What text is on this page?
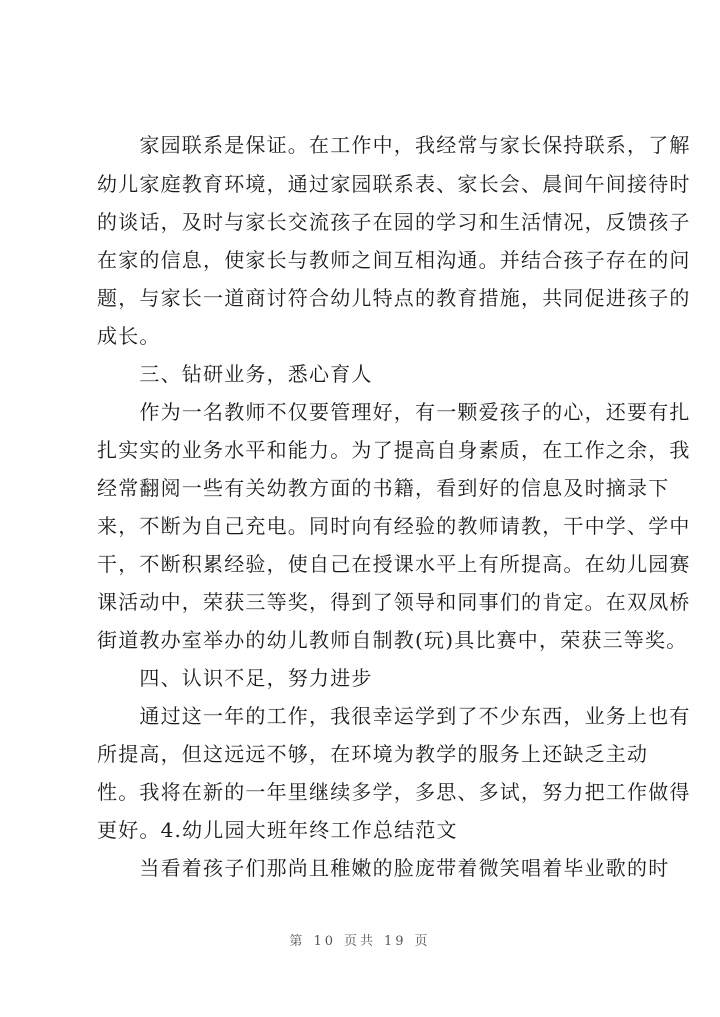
　　家园联系是保证。在工作中，我经常与家长保持联系，了解
幼儿家庭教育环境，通过家园联系表、家长会、晨间午间接待时
的谈话，及时与家长交流孩子在园的学习和生活情况，反馈孩子
在家的信息，使家长与教师之间互相沟通。并结合孩子存在的问
题，与家长一道商讨符合幼儿特点的教育措施，共同促进孩子的
成长。
　　三、钻研业务，悉心育人
　　作为一名教师不仅要管理好，有一颗爱孩子的心，还要有扎
扎实实的业务水平和能力。为了提高自身素质，在工作之余，我
经常翻阅一些有关幼教方面的书籍，看到好的信息及时摘录下
来，不断为自己充电。同时向有经验的教师请教，干中学、学中
干，不断积累经验，使自己在授课水平上有所提高。在幼儿园赛
课活动中，荣获三等奖，得到了领导和同事们的肯定。在双凤桥
街道教办室举办的幼儿教师自制教(玩)具比赛中，荣获三等奖。
　　四、认识不足，努力进步
　　通过这一年的工作，我很幸运学到了不少东西，业务上也有
所提高，但这远远不够，在环境为教学的服务上还缺乏主动
性。我将在新的一年里继续多学，多思、多试，努力把工作做得
更好。4.幼儿园大班年终工作总结范文
　　当看着孩子们那尚且稚嫩的脸庞带着微笑唱着毕业歌的时
第 10 页共 19 页
